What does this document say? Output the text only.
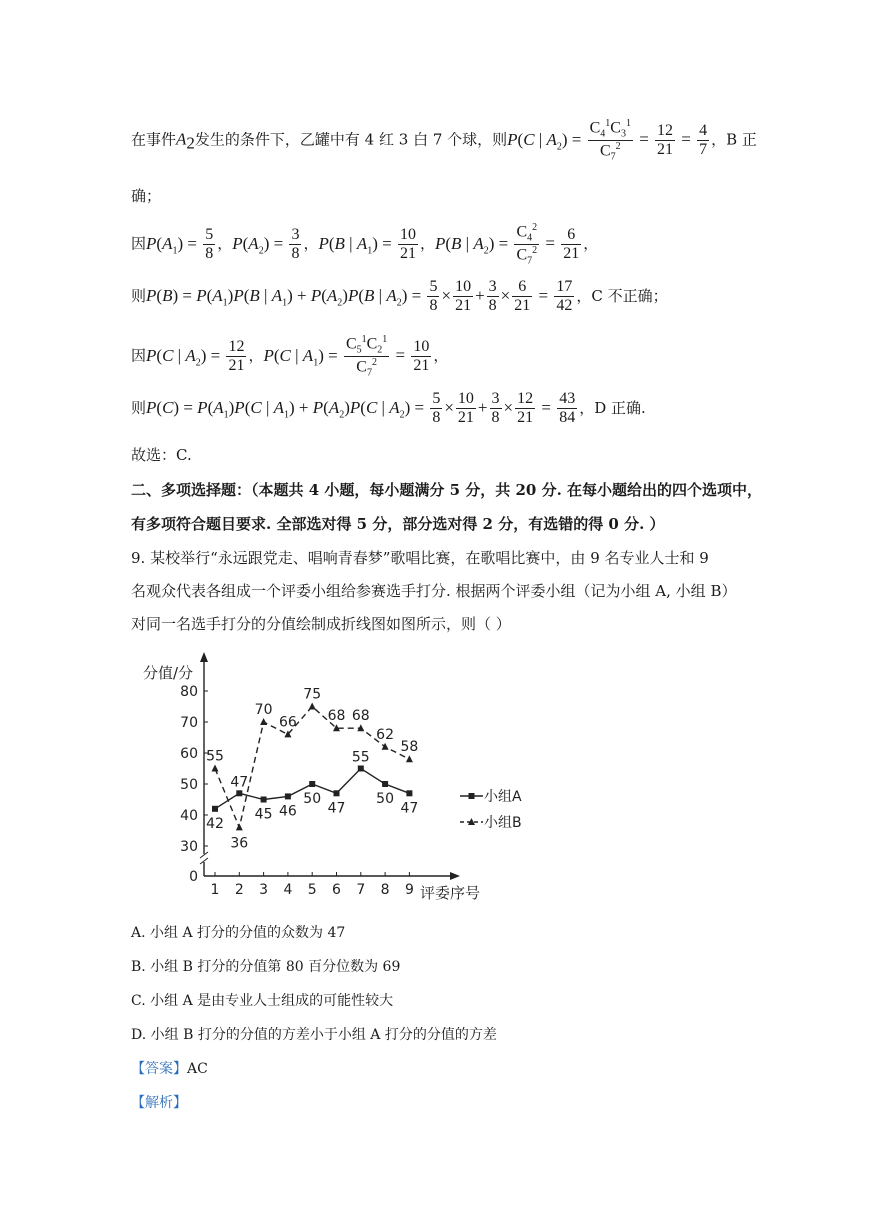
在事件$A_2$发生的条件下，乙罐中有 4 红 3 白 7 个球，则P(C | $A_2) = \frac{C_4^1C_3^1}{C_7^2} = \frac{12}{21} = \frac{4}{7}$ ，B 正
确；
因$P(A_1) = \frac{5}{8}$ ，$P(A_2) = \frac{3}{8}$ ，P(B | $A_1) = \frac{10}{21}$ ，P(B | $A_2) = \frac{C_4^2}{C_7^2} = \frac{6}{21}$ ，
则$P(B) = P(A_1)P(B$ | $A_1) + P(A_2)P(B$ | $A_2) = \frac{5}{8} \times \frac{10}{21} + \frac{3}{8} \times \frac{6}{21} = \frac{17}{42}$ ，C 不正确；
因P(C | $A_2) = \frac{12}{21}$ ，P(C | $A_1) = \frac{C_5^1C_2^1}{C_7^2} = \frac{10}{21}$ ，
则$P(C) = P(A_1)P(C$ | $A_1) + P(A_2)P(C$ | $A_2) = \frac{5}{8} \times \frac{10}{21} + \frac{3}{8} \times \frac{12}{21} = \frac{43}{84}$ ，D 正确.
故选：C.
二、多项选择题：（本题共 4 小题，每小题满分 5 分，共 20 分. 在每小题给出的四个选项中，
有多项符合题目要求. 全部选对得 5 分，部分选对得 2 分，有选错的得 0 分. ）
9. 某校举行“永远跟党走、唱响青春梦”歌唱比赛，在歌唱比赛中，由 9 名专业人士和 9
名观众代表各组成一个评委小组给参赛选手打分. 根据两个评委小组（记为小组 A, 小组 B）
对同一名选手打分的分值绘制成折线图如图所示，则（ ）
分值/分
评委序号
0
30
40
50
60
70
80
1 2 3 4 5 6 7 8 9
42
47
45 46
50
47
55
50
47
55
36
70
66
75
68 68
62
58
小组A
小组B
A. 小组 A 打分的分值的众数为 47
B. 小组 B 打分的分值第 80 百分位数为 69
C. 小组 A 是由专业人士组成的可能性较大
D. 小组 B 打分的分值的方差小于小组 A 打分的分值的方差
【答案】AC
【解析】
